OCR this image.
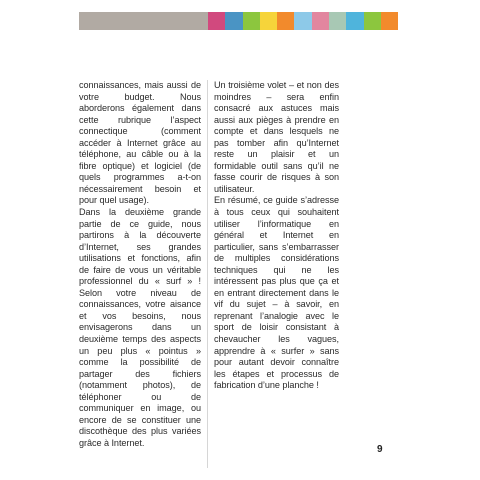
connaissances, mais aussi de votre budget. Nous aborderons également dans cette rubrique l’aspect connectique (comment accéder à Internet grâce au téléphone, au câble ou à la fibre optique) et logiciel (de quels programmes a-t-on nécessairement besoin et pour quel usage).
Dans la deuxième grande partie de ce guide, nous partirons à la découverte d’Internet, ses grandes utilisations et fonctions, afin de faire de vous un véritable professionnel du « surf » ! Selon votre niveau de connaissances, votre aisance et vos besoins, nous envisagerons dans un deuxième temps des aspects un peu plus « pointus » comme la possibilité de partager des fichiers (notamment photos), de téléphoner ou de communiquer en image, ou encore de se constituer une discothèque des plus variées grâce à Internet.

Un troisième volet – et non des moindres – sera enfin consacré aux astuces mais aussi aux pièges à prendre en compte et dans lesquels ne pas tomber afin qu’Internet reste un plaisir et un formidable outil sans qu’il ne fasse courir de risques à son utilisateur.

En résumé, ce guide s’adresse à tous ceux qui souhaitent utiliser l’informatique en général et Internet en particulier, sans s’embarrasser de multiples considérations techniques qui ne les intéressent pas plus que ça et en entrant directement dans le vif du sujet – à savoir, en reprenant l’analogie avec le sport de loisir consistant à chevaucher les vagues, apprendre à « surfer » sans pour autant devoir connaître les étapes et processus de fabrication d’une planche !

9
